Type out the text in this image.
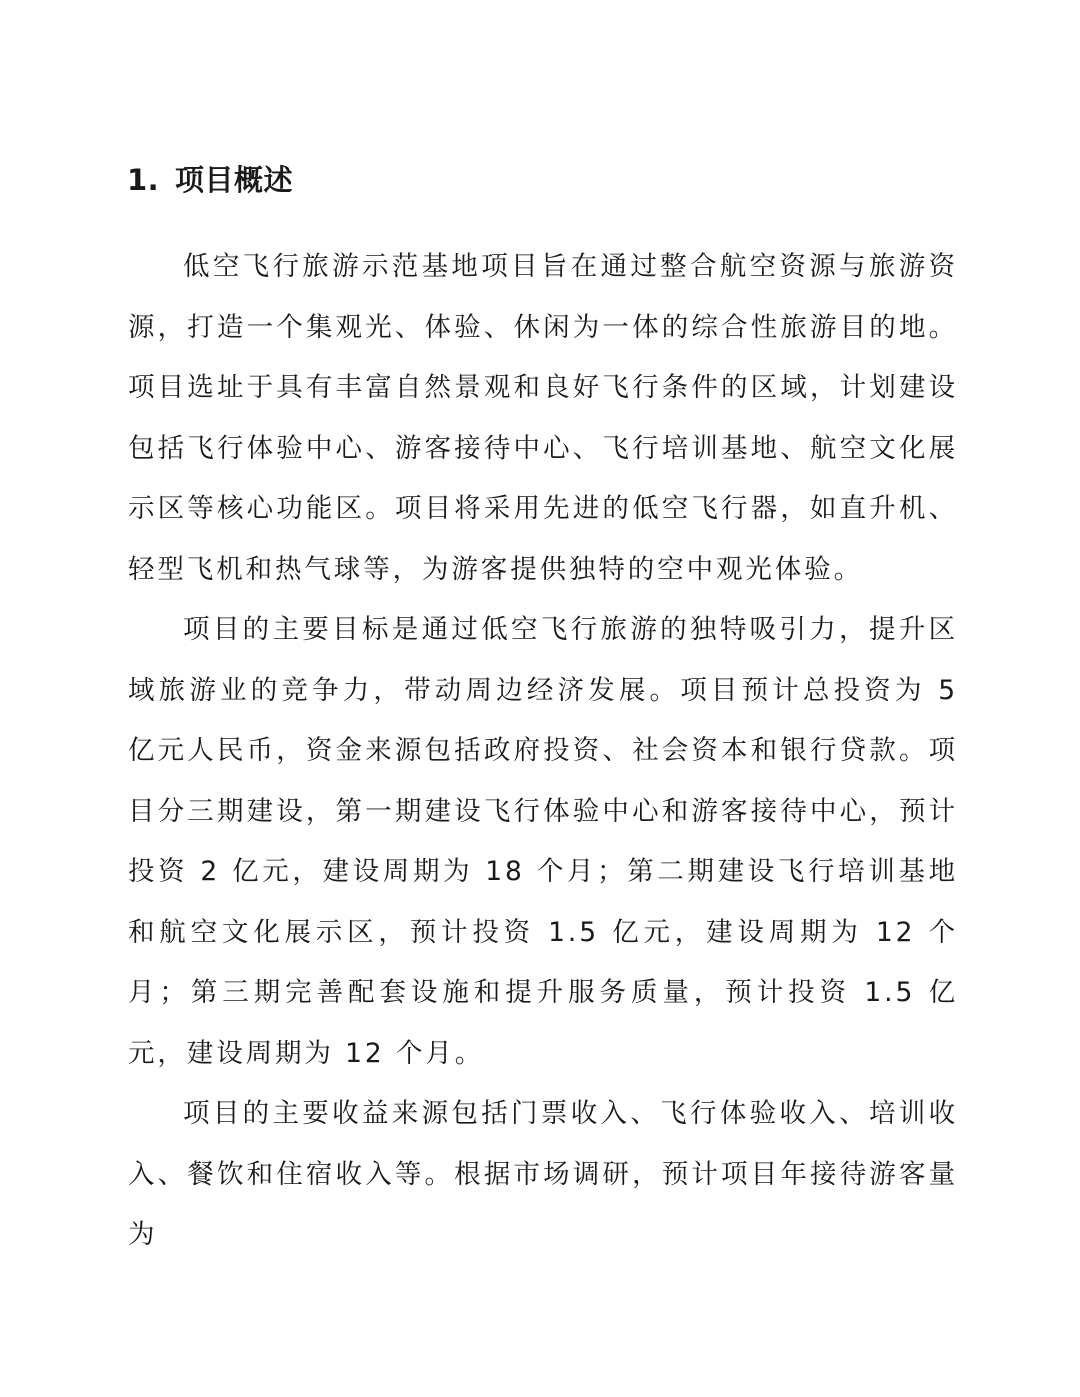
1. 项目概述

低空飞行旅游示范基地项目旨在通过整合航空资源与旅游资源，打造一个集观光、体验、休闲为一体的综合性旅游目的地。项目选址于具有丰富自然景观和良好飞行条件的区域，计划建设包括飞行体验中心、游客接待中心、飞行培训基地、航空文化展示区等核心功能区。项目将采用先进的低空飞行器，如直升机、轻型飞机和热气球等，为游客提供独特的空中观光体验。

项目的主要目标是通过低空飞行旅游的独特吸引力，提升区域旅游业的竞争力，带动周边经济发展。项目预计总投资为 5 亿元人民币，资金来源包括政府投资、社会资本和银行贷款。项目分三期建设，第一期建设飞行体验中心和游客接待中心，预计投资 2 亿元，建设周期为 18 个月；第二期建设飞行培训基地和航空文化展示区，预计投资 1.5 亿元，建设周期为 12 个月；第三期完善配套设施和提升服务质量，预计投资 1.5 亿元，建设周期为 12 个月。

项目的主要收益来源包括门票收入、飞行体验收入、培训收入、餐饮和住宿收入等。根据市场调研，预计项目年接待游客量为
